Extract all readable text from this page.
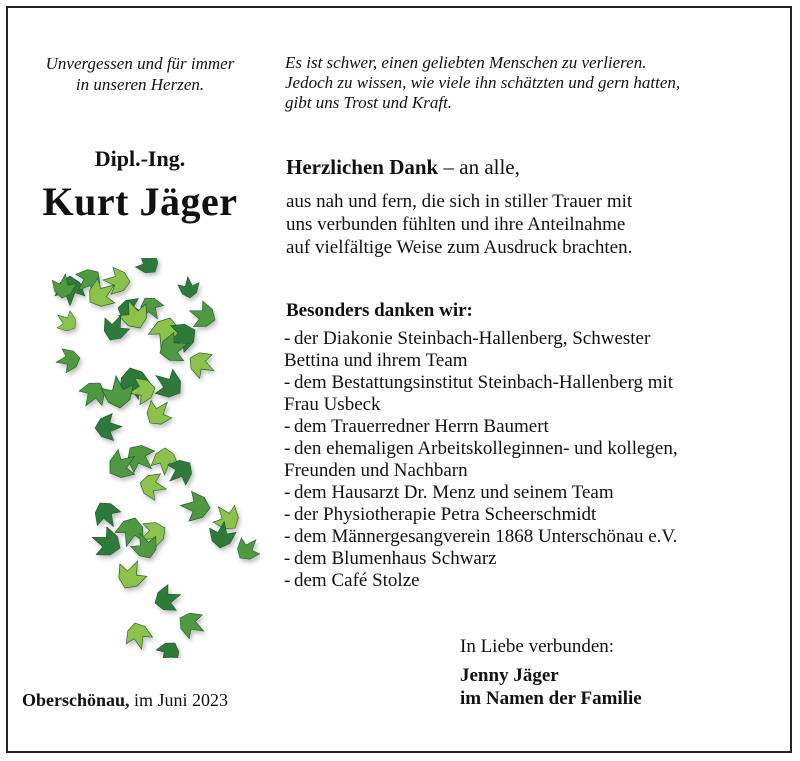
Unvergessen und für immer
in unseren Herzen.
Es ist schwer, einen geliebten Menschen zu verlieren.
Jedoch zu wissen, wie viele ihn schätzten und gern hatten,
gibt uns Trost und Kraft.
Dipl.-Ing.
Kurt Jäger
Herzlichen Dank – an alle,
aus nah und fern, die sich in stiller Trauer mit
uns verbunden fühlten und ihre Anteilnahme
auf vielfältige Weise zum Ausdruck brachten.
Besonders danken wir:
- der Diakonie Steinbach-Hallenberg, Schwester
Bettina und ihrem Team
- dem Bestattungsinstitut Steinbach-Hallenberg mit
Frau Usbeck
- dem Trauerredner Herrn Baumert
- den ehemaligen Arbeitskolleginnen- und kollegen,
Freunden und Nachbarn
- dem Hausarzt Dr. Menz und seinem Team
- der Physiotherapie Petra Scheerschmidt
- dem Männergesangverein 1868 Unterschönau e.V.
- dem Blumenhaus Schwarz
- dem Café Stolze
In Liebe verbunden:
Jenny Jäger
im Namen der Familie
Oberschönau, im Juni 2023
